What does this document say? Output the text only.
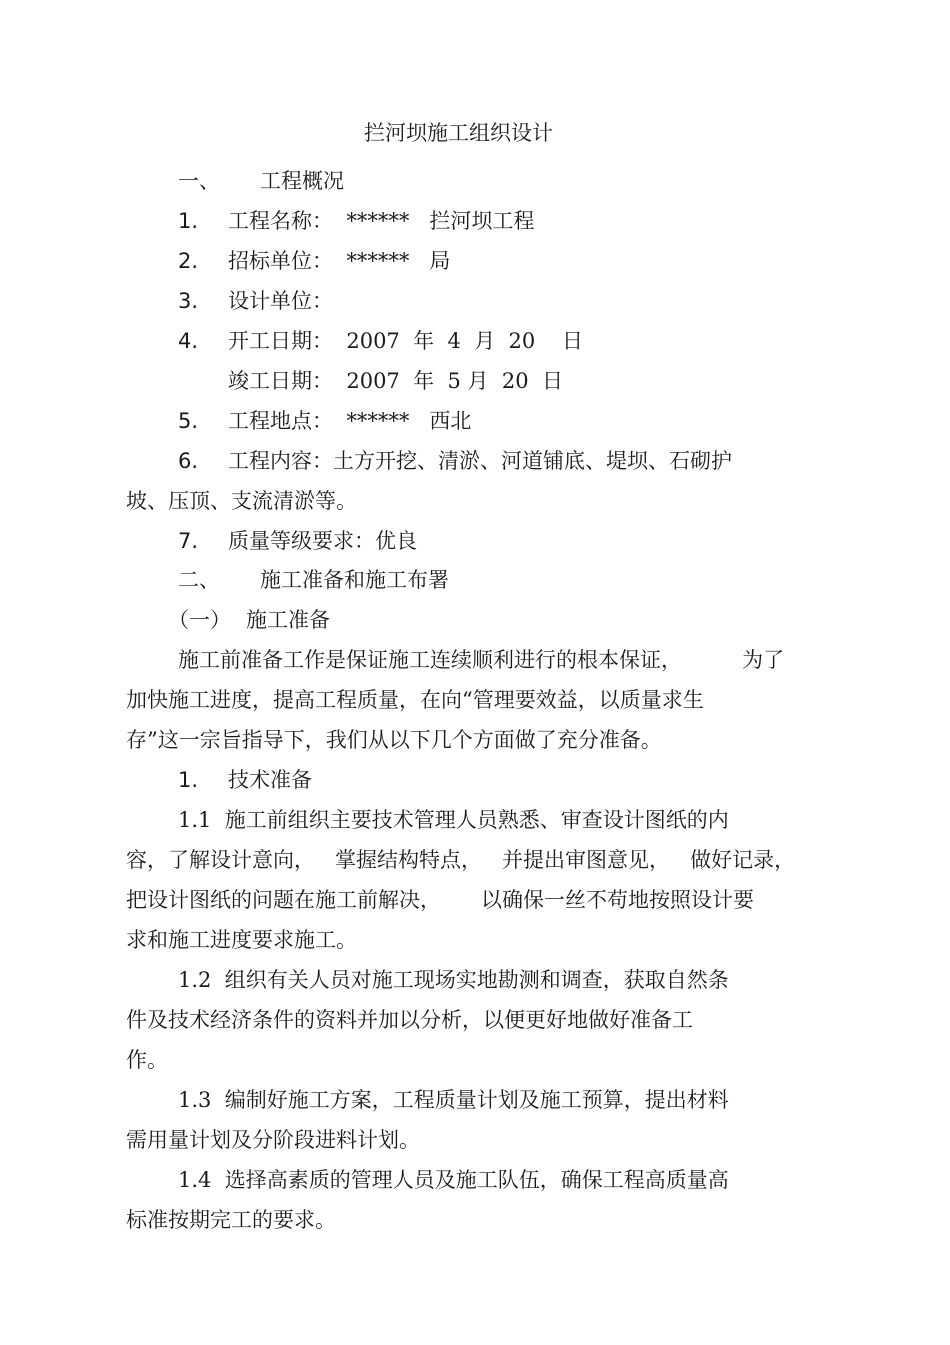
拦河坝施工组织设计
一、 工程概况
1. 工程名称：  ******   拦河坝工程
2. 招标单位：  ******   局
3. 设计单位：
4. 开工日期：  2007  年  4  月  20    日
竣工日期：  2007  年  5 月  20  日
5. 工程地点：  ******   西北
6. 工程内容：土方开挖、清淤、河道铺底、堤坝、石砌护
坡、压顶、支流清淤等。
7. 质量等级要求：优良
二、 施工准备和施工布署
（一） 施工准备
施工前准备工作是保证施工连续顺利进行的根本保证，         为了
加快施工进度，提高工程质量，在向“管理要效益，以质量求生
存”这一宗旨指导下，我们从以下几个方面做了充分准备。
1. 技术准备
1.1  施工前组织主要技术管理人员熟悉、审查设计图纸的内
容，了解设计意向，   掌握结构特点，   并提出审图意见，   做好记录，
把设计图纸的问题在施工前解决，      以确保一丝不苟地按照设计要
求和施工进度要求施工。
1.2  组织有关人员对施工现场实地勘测和调查，获取自然条
件及技术经济条件的资料并加以分析，以便更好地做好准备工
作。
1.3  编制好施工方案，工程质量计划及施工预算，提出材料
需用量计划及分阶段进料计划。
1.4  选择高素质的管理人员及施工队伍，确保工程高质量高
标准按期完工的要求。
